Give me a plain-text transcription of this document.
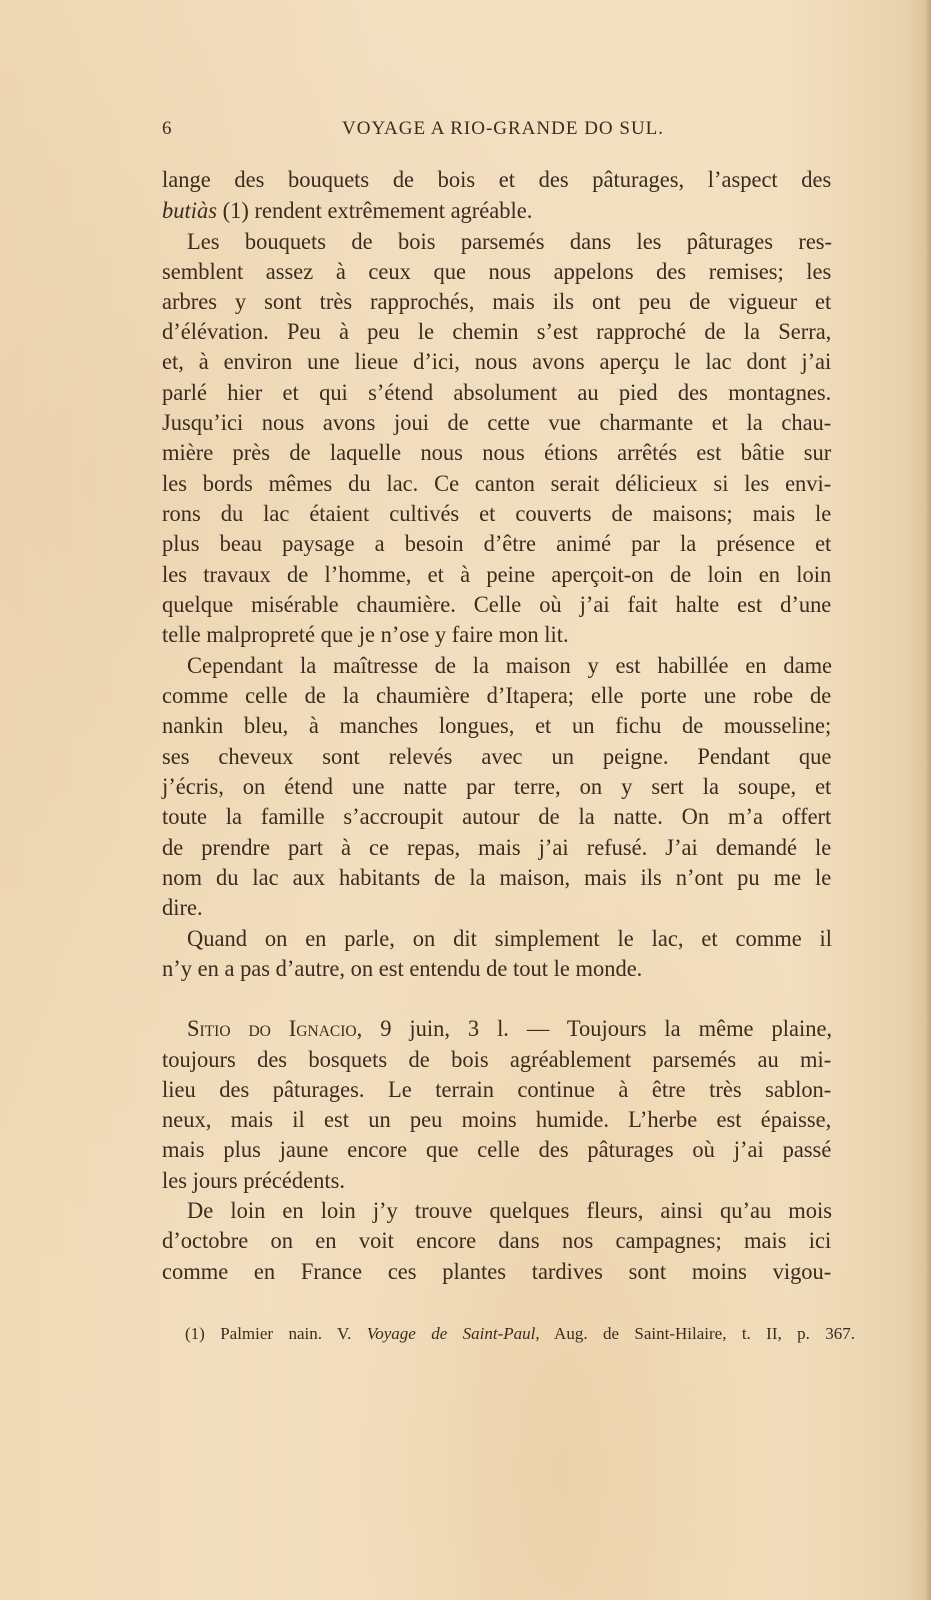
6	VOYAGE A RIO-GRANDE DO SUL.
lange des bouquets de bois et des pâturages, l’aspect des
butiàs (1) rendent extrêmement agréable.
Les bouquets de bois parsemés dans les pâturages res-
semblent assez à ceux que nous appelons des remises; les
arbres y sont très rapprochés, mais ils ont peu de vigueur et
d’élévation. Peu à peu le chemin s’est rapproché de la Serra,
et, à environ une lieue d’ici, nous avons aperçu le lac dont j’ai
parlé hier et qui s’étend absolument au pied des montagnes.
Jusqu’ici nous avons joui de cette vue charmante et la chau-
mière près de laquelle nous nous étions arrêtés est bâtie sur
les bords mêmes du lac. Ce canton serait délicieux si les envi-
rons du lac étaient cultivés et couverts de maisons; mais le
plus beau paysage a besoin d’être animé par la présence et
les travaux de l’homme, et à peine aperçoit-on de loin en loin
quelque misérable chaumière. Celle où j’ai fait halte est d’une
telle malpropreté que je n’ose y faire mon lit.
Cependant la maîtresse de la maison y est habillée en dame
comme celle de la chaumière d’Itapera; elle porte une robe de
nankin bleu, à manches longues, et un fichu de mousseline;
ses cheveux sont relevés avec un peigne. Pendant que
j’écris, on étend une natte par terre, on y sert la soupe, et
toute la famille s’accroupit autour de la natte. On m’a offert
de prendre part à ce repas, mais j’ai refusé. J’ai demandé le
nom du lac aux habitants de la maison, mais ils n’ont pu me le
dire.
Quand on en parle, on dit simplement le lac, et comme il
n’y en a pas d’autre, on est entendu de tout le monde.
Sitio do Ignacio, 9 juin, 3 l. — Toujours la même plaine,
toujours des bosquets de bois agréablement parsemés au mi-
lieu des pâturages. Le terrain continue à être très sablon-
neux, mais il est un peu moins humide. L’herbe est épaisse,
mais plus jaune encore que celle des pâturages où j’ai passé
les jours précédents.
De loin en loin j’y trouve quelques fleurs, ainsi qu’au mois
d’octobre on en voit encore dans nos campagnes; mais ici
comme en France ces plantes tardives sont moins vigou-
(1) Palmier nain. V. Voyage de Saint-Paul, Aug. de Saint-Hilaire, t. II, p. 367.
